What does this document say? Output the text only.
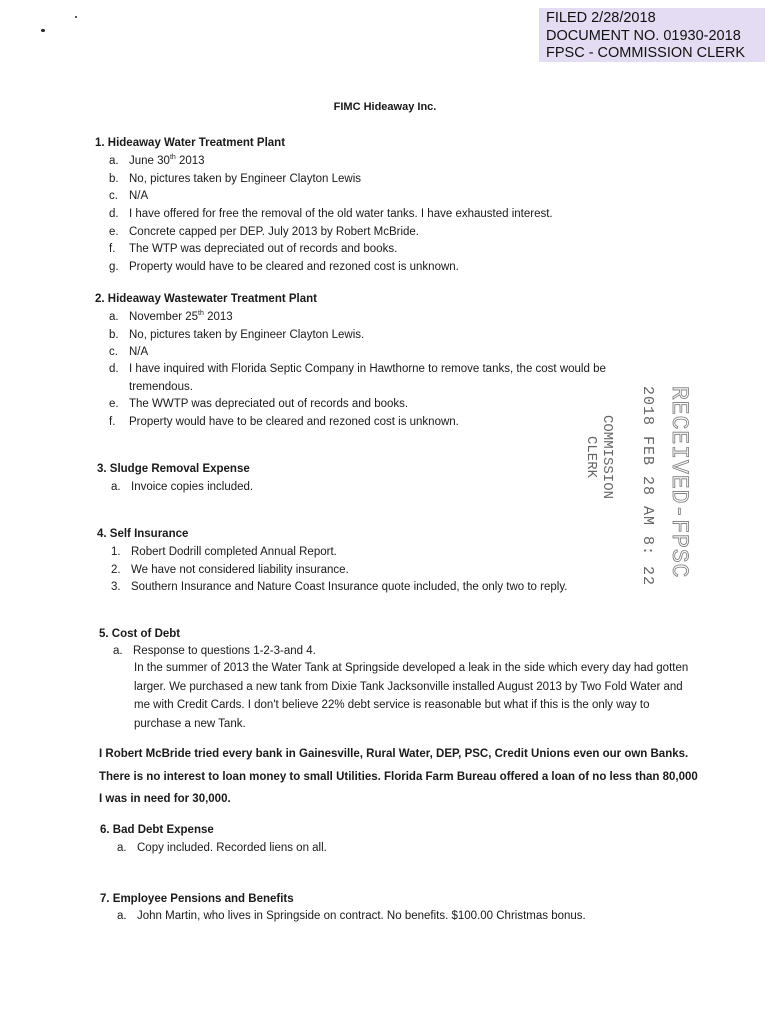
FILED 2/28/2018
DOCUMENT NO. 01930-2018
FPSC - COMMISSION CLERK
RECEIVED-FPSC
2018 FEB 28 AM 8: 22
COMMISSION
CLERK
FIMC Hideaway Inc.
1. Hideaway Water Treatment Plant
a. June 30th 2013
b. No, pictures taken by Engineer Clayton Lewis
c. N/A
d. I have offered for free the removal of the old water tanks. I have exhausted interest.
e. Concrete capped per DEP. July 2013 by Robert McBride.
f. The WTP was depreciated out of records and books.
g. Property would have to be cleared and rezoned cost is unknown.
2. Hideaway Wastewater Treatment Plant
a. November 25th 2013
b. No, pictures taken by Engineer Clayton Lewis.
c. N/A
d. I have inquired with Florida Septic Company in Hawthorne to remove tanks, the cost would be
tremendous.
e. The WWTP was depreciated out of records and books.
f. Property would have to be cleared and rezoned cost is unknown.
3. Sludge Removal Expense
a. Invoice copies included.
4. Self Insurance
1. Robert Dodrill completed Annual Report.
2. We have not considered liability insurance.
3. Southern Insurance and Nature Coast Insurance quote included, the only two to reply.
5. Cost of Debt
a. Response to questions 1-2-3-and 4.
In the summer of 2013 the Water Tank at Springside developed a leak in the side which every day had gotten larger. We purchased a new tank from Dixie Tank Jacksonville installed August 2013 by Two Fold Water and me with Credit Cards. I don't believe 22% debt service is reasonable but what if this is the only way to purchase a new Tank.
I Robert McBride tried every bank in Gainesville, Rural Water, DEP, PSC, Credit Unions even our own Banks. There is no interest to loan money to small Utilities. Florida Farm Bureau offered a loan of no less than 80,000 I was in need for 30,000.
6. Bad Debt Expense
a. Copy included. Recorded liens on all.
7. Employee Pensions and Benefits
a. John Martin, who lives in Springside on contract. No benefits. $100.00 Christmas bonus.
